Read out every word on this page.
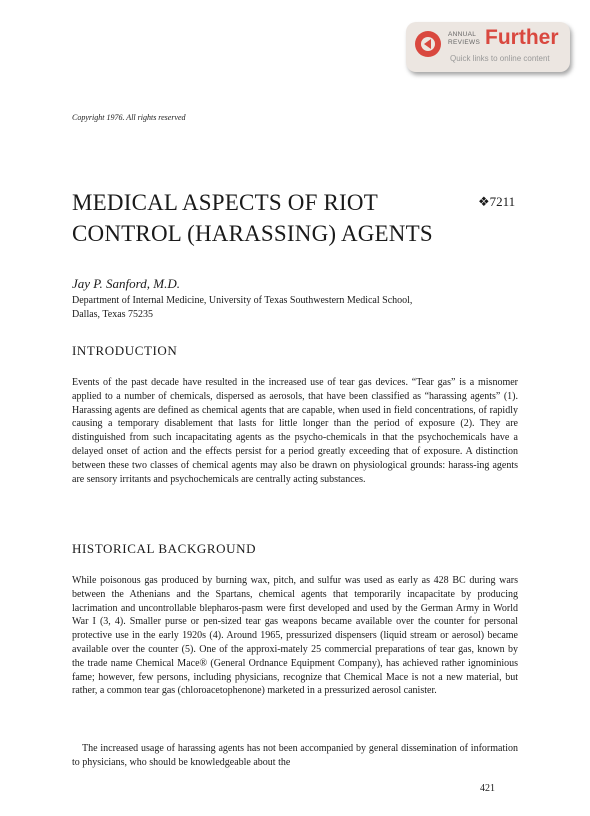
ANNUAL
REVIEWS Further
Quick links to online content
Copyright 1976. All rights reserved
MEDICAL ASPECTS OF RIOT
CONTROL (HARASSING) AGENTS
❖7211
Jay P. Sanford, M.D.
Department of Internal Medicine, University of Texas Southwestern Medical School,
Dallas, Texas 75235
INTRODUCTION

Events of the past decade have resulted in the increased use of tear gas devices. “Tear gas” is a misnomer applied to a number of chemicals, dispersed as aerosols, that have been classified as “harassing agents” (1). Harassing agents are defined as chemical agents that are capable, when used in field concentrations, of rapidly causing a temporary disablement that lasts for little longer than the period of exposure (2). They are distinguished from such incapacitating agents as the psycho-chemicals in that the psychochemicals have a delayed onset of action and the effects persist for a period greatly exceeding that of exposure. A distinction between these two classes of chemical agents may also be drawn on physiological grounds: harass-ing agents are sensory irritants and psychochemicals are centrally acting substances.

HISTORICAL BACKGROUND

While poisonous gas produced by burning wax, pitch, and sulfur was used as early as 428 BC during wars between the Athenians and the Spartans, chemical agents that temporarily incapacitate by producing lacrimation and uncontrollable blepharos-pasm were first developed and used by the German Army in World War I (3, 4). Smaller purse or pen-sized tear gas weapons became available over the counter for personal protective use in the early 1920s (4). Around 1965, pressurized dispensers (liquid stream or aerosol) became available over the counter (5). One of the approxi-mately 25 commercial preparations of tear gas, known by the trade name Chemical Mace® (General Ordnance Equipment Company), has achieved rather ignominious fame; however, few persons, including physicians, recognize that Chemical Mace is not a new material, but rather, a common tear gas (chloroacetophenone) marketed in a pressurized aerosol canister.

 The increased usage of harassing agents has not been accompanied by general dissemination of information to physicians, who should be knowledgeable about the

421
